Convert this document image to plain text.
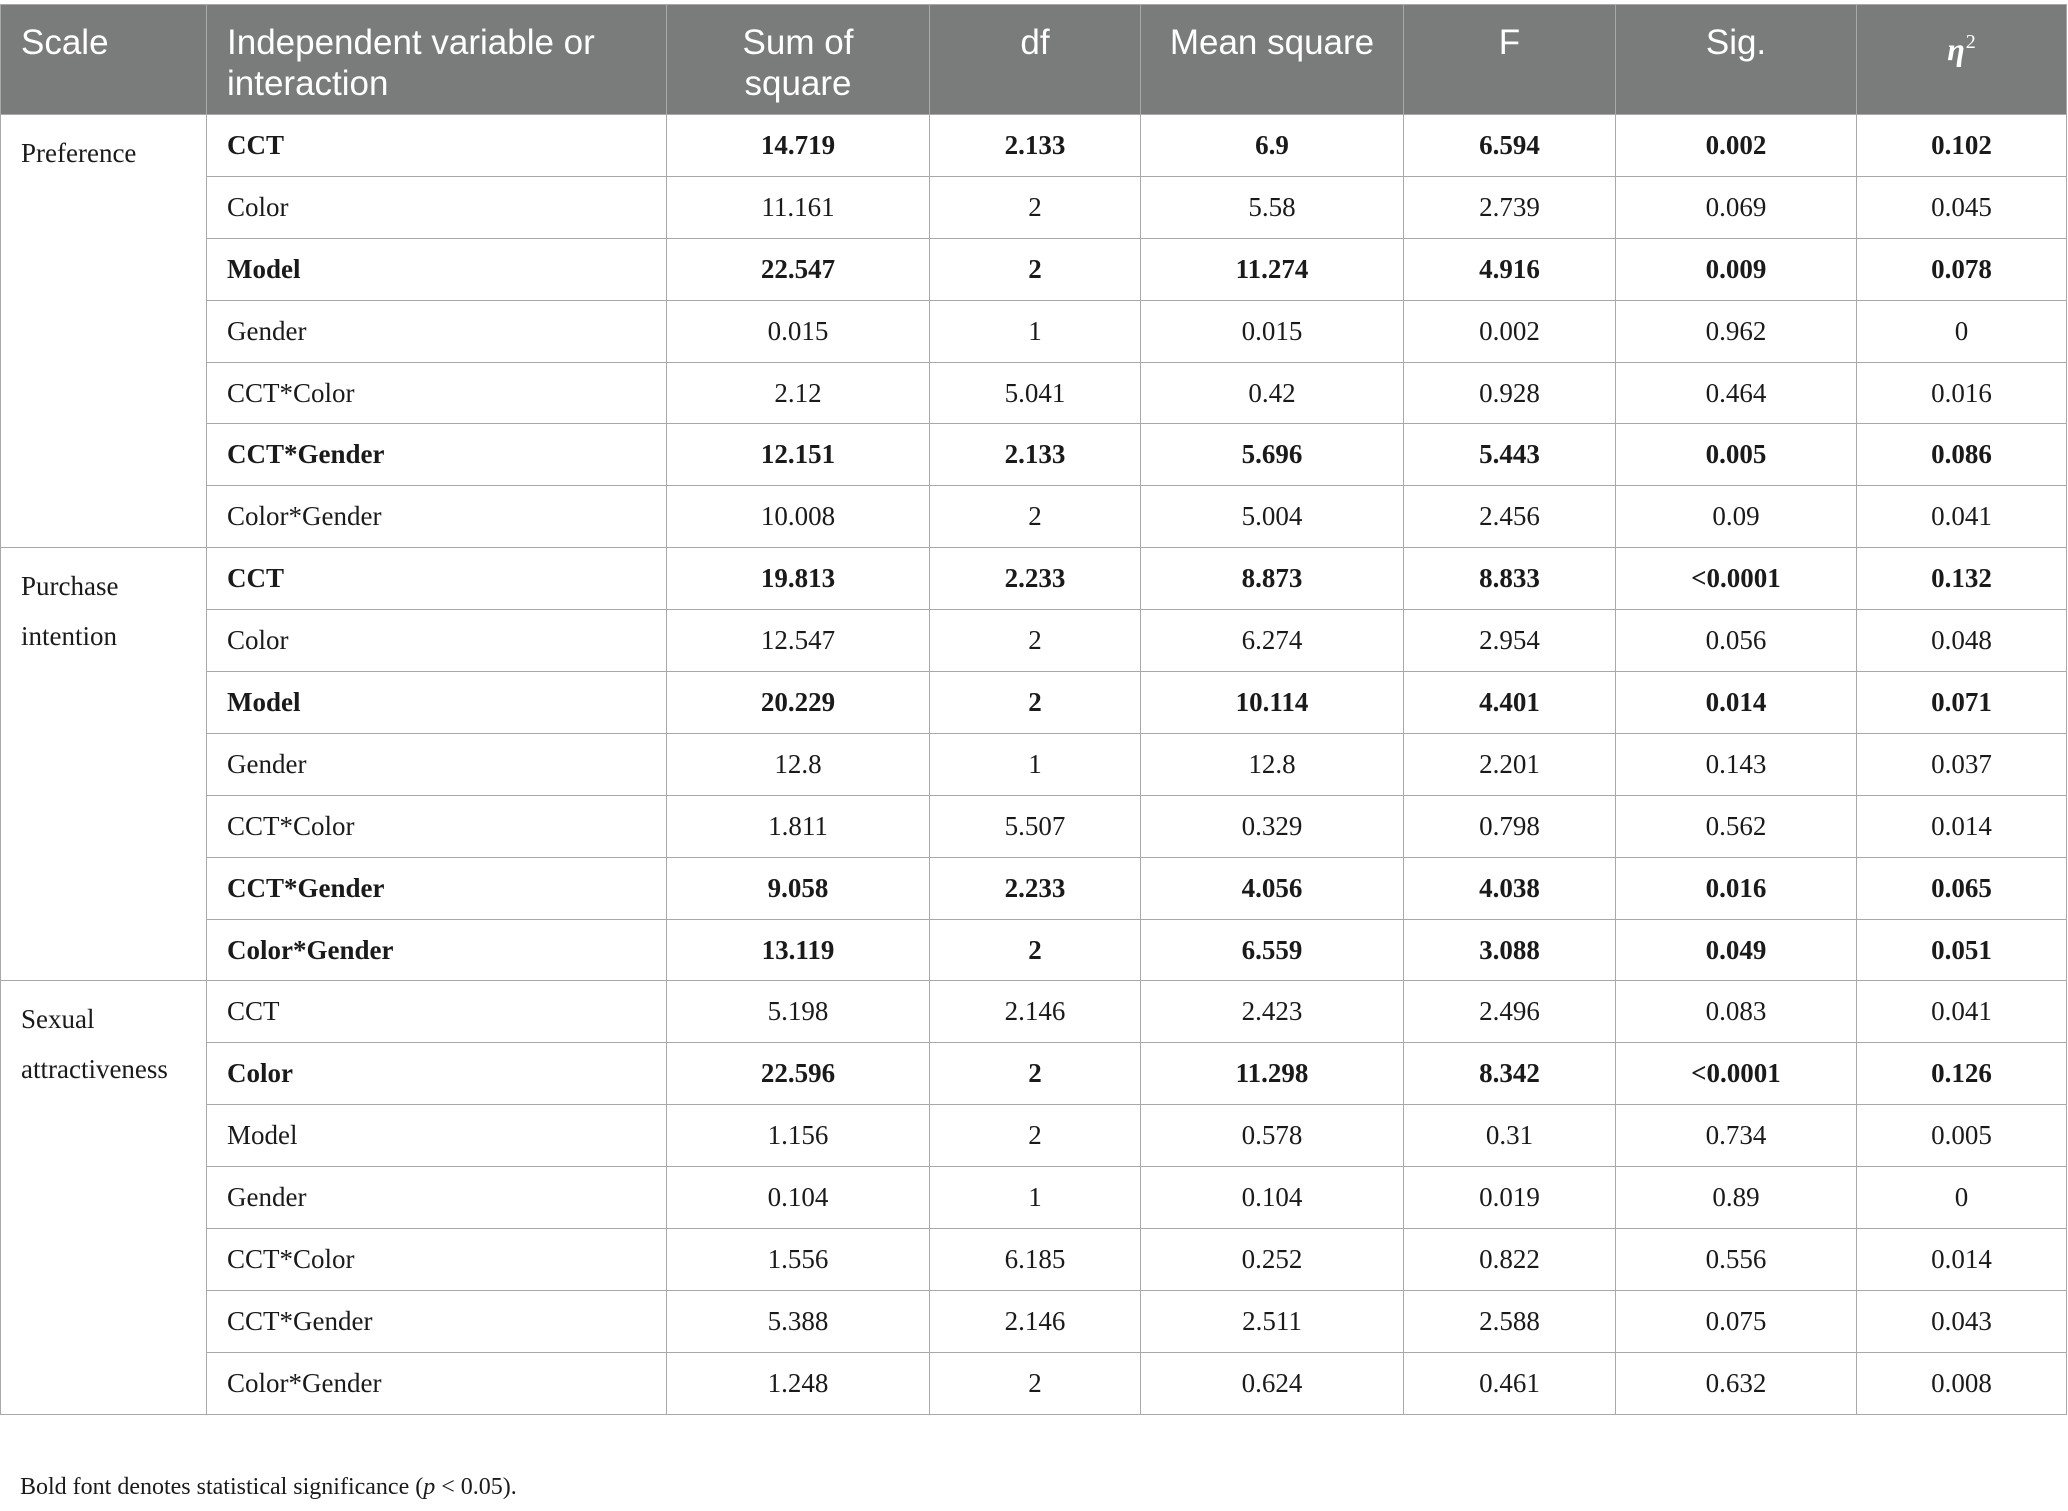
Scale	Independent variable or interaction	Sum of square	df	Mean square	F	Sig.	$\eta^2$
Preference	CCT	14.719	2.133	6.9	6.594	0.002	0.102
	Color	11.161	2	5.58	2.739	0.069	0.045
	Model	22.547	2	11.274	4.916	0.009	0.078
	Gender	0.015	1	0.015	0.002	0.962	0
	CCT*Color	2.12	5.041	0.42	0.928	0.464	0.016
	CCT*Gender	12.151	2.133	5.696	5.443	0.005	0.086
	Color*Gender	10.008	2	5.004	2.456	0.09	0.041
Purchase intention	CCT	19.813	2.233	8.873	8.833	<0.0001	0.132
	Color	12.547	2	6.274	2.954	0.056	0.048
	Model	20.229	2	10.114	4.401	0.014	0.071
	Gender	12.8	1	12.8	2.201	0.143	0.037
	CCT*Color	1.811	5.507	0.329	0.798	0.562	0.014
	CCT*Gender	9.058	2.233	4.056	4.038	0.016	0.065
	Color*Gender	13.119	2	6.559	3.088	0.049	0.051
Sexual attractiveness	CCT	5.198	2.146	2.423	2.496	0.083	0.041
	Color	22.596	2	11.298	8.342	<0.0001	0.126
	Model	1.156	2	0.578	0.31	0.734	0.005
	Gender	0.104	1	0.104	0.019	0.89	0
	CCT*Color	1.556	6.185	0.252	0.822	0.556	0.014
	CCT*Gender	5.388	2.146	2.511	2.588	0.075	0.043
	Color*Gender	1.248	2	0.624	0.461	0.632	0.008
Bold font denotes statistical significance (p < 0.05).
